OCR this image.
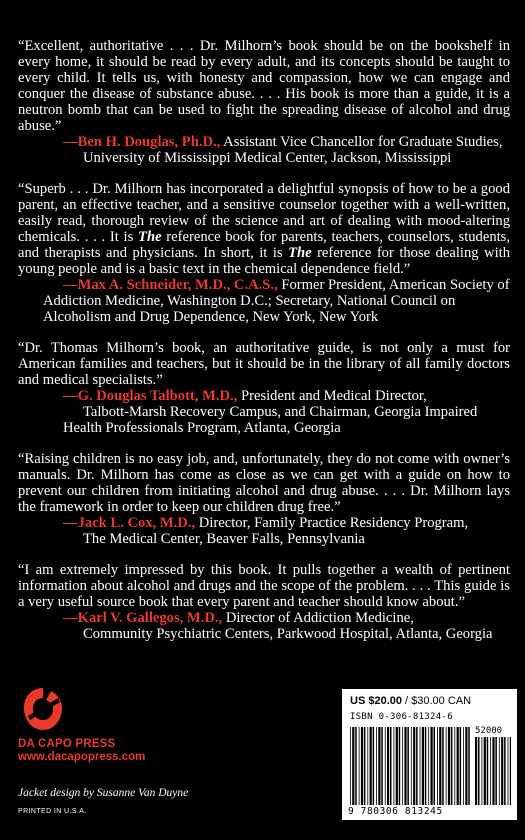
“Excellent, authoritative . . . Dr. Milhorn’s book should be on the bookshelf in every home, it should be read by every adult, and its concepts should be taught to every child. It tells us, with honesty and compassion, how we can engage and conquer the disease of substance abuse. . . . His book is more than a guide, it is a neutron bomb that can be used to fight the spreading disease of alcohol and drug abuse.”

—Ben H. Douglas, Ph.D., Assistant Vice Chancellor for Graduate Studies,
University of Mississippi Medical Center, Jackson, Mississippi

“Superb . . . Dr. Milhorn has incorporated a delightful synopsis of how to be a good parent, an effective teacher, and a sensitive counselor together with a well-written, easily read, thorough review of the science and art of dealing with mood-altering chemicals. . . . It is The reference book for parents, teachers, counselors, students, and therapists and physicians. In short, it is The reference for those dealing with young people and is a basic text in the chemical dependence field.”

—Max A. Schneider, M.D., C.A.S., Former President, American Society of Addiction Medicine, Washington D.C.; Secretary, National Council on Alcoholism and Drug Dependence, New York, New York

“Dr. Thomas Milhorn’s book, an authoritative guide, is not only a must for American families and teachers, but it should be in the library of all family doctors and medical specialists.”

—G. Douglas Talbott, M.D., President and Medical Director,
Talbott-Marsh Recovery Campus, and Chairman, Georgia Impaired Health Professionals Program, Atlanta, Georgia

“Raising children is no easy job, and, unfortunately, they do not come with owner’s manuals. Dr. Milhorn has come as close as we can get with a guide on how to prevent our children from initiating alcohol and drug abuse. . . . Dr. Milhorn lays the framework in order to keep our children drug free.”

—Jack L. Cox, M.D., Director, Family Practice Residency Program,
The Medical Center, Beaver Falls, Pennsylvania

“I am extremely impressed by this book. It pulls together a wealth of pertinent information about alcohol and drugs and the scope of the problem. . . . This guide is a very useful source book that every parent and teacher should know about.”

—Karl V. Gallegos, M.D., Director of Addiction Medicine,
Community Psychiatric Centers, Parkwood Hospital, Atlanta, Georgia

DA CAPO PRESS
www.dacapopress.com
Jacket design by Susanne Van Duyne
PRINTED IN U.S.A.
US $20.00 / $30.00 CAN
ISBN 0-306-81324-6
52000
9 780306 813245
